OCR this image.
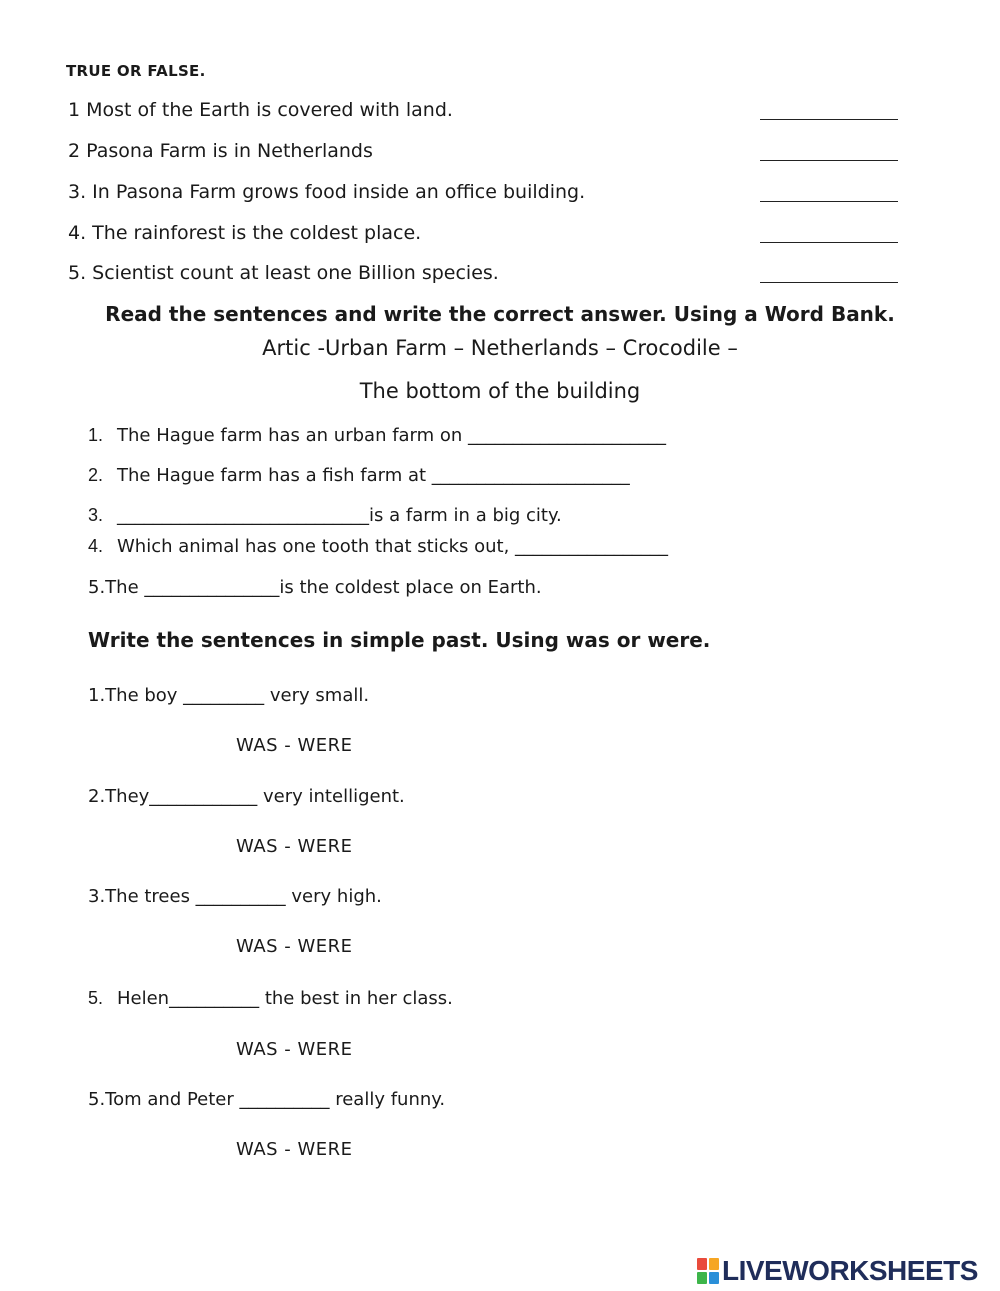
TRUE OR FALSE.
1 Most of the Earth is covered with land.
2 Pasona Farm is in Netherlands
3. In Pasona Farm grows food inside an office building.
4. The rainforest is the coldest place.
5. Scientist count at least one Billion species.
Read the sentences and write the correct answer. Using a Word Bank.
Artic -Urban Farm – Netherlands – Crocodile –
The bottom of the building
1. The Hague farm has an urban farm on ______________________
2. The Hague farm has a fish farm at ______________________
3. ____________________________is a farm in a big city.
4. Which animal has one tooth that sticks out, _________________
5.The _______________is the coldest place on Earth.
Write the sentences in simple past. Using was or were.
1.The boy _________ very small.
WAS - WERE
2.They____________ very intelligent.
WAS - WERE
3.The trees __________ very high.
WAS - WERE
5. Helen__________ the best in her class.
WAS - WERE
5.Tom and Peter __________ really funny.
WAS - WERE
LIVEWORKSHEETS
